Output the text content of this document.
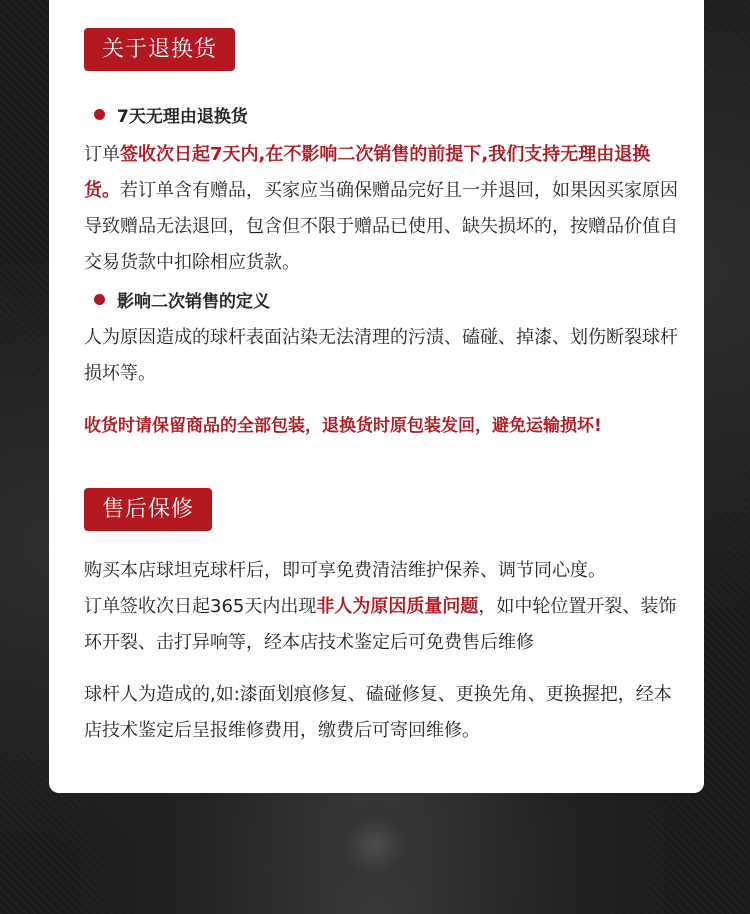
关于退换货
7天无理由退换货

订单签收次日起7天内,在不影响二次销售的前提下,我们支持无理由退换货。若订单含有赠品，买家应当确保赠品完好且一并退回，如果因买家原因导致赠品无法退回，包含但不限于赠品已使用、缺失损坏的，按赠品价值自交易货款中扣除相应货款。

影响二次销售的定义

人为原因造成的球杆表面沾染无法清理的污渍、磕碰、掉漆、划伤断裂球杆损坏等。

收货时请保留商品的全部包装，退换货时原包装发回，避免运输损坏!
售后保修

购买本店球坦克球杆后，即可享免费清洁维护保养、调节同心度。

订单签收次日起365天内出现非人为原因质量问题，如中轮位置开裂、装饰环开裂、击打异响等，经本店技术鉴定后可免费售后维修

球杆人为造成的,如:漆面划痕修复、磕碰修复、更换先角、更换握把，经本店技术鉴定后呈报维修费用，缴费后可寄回维修。
